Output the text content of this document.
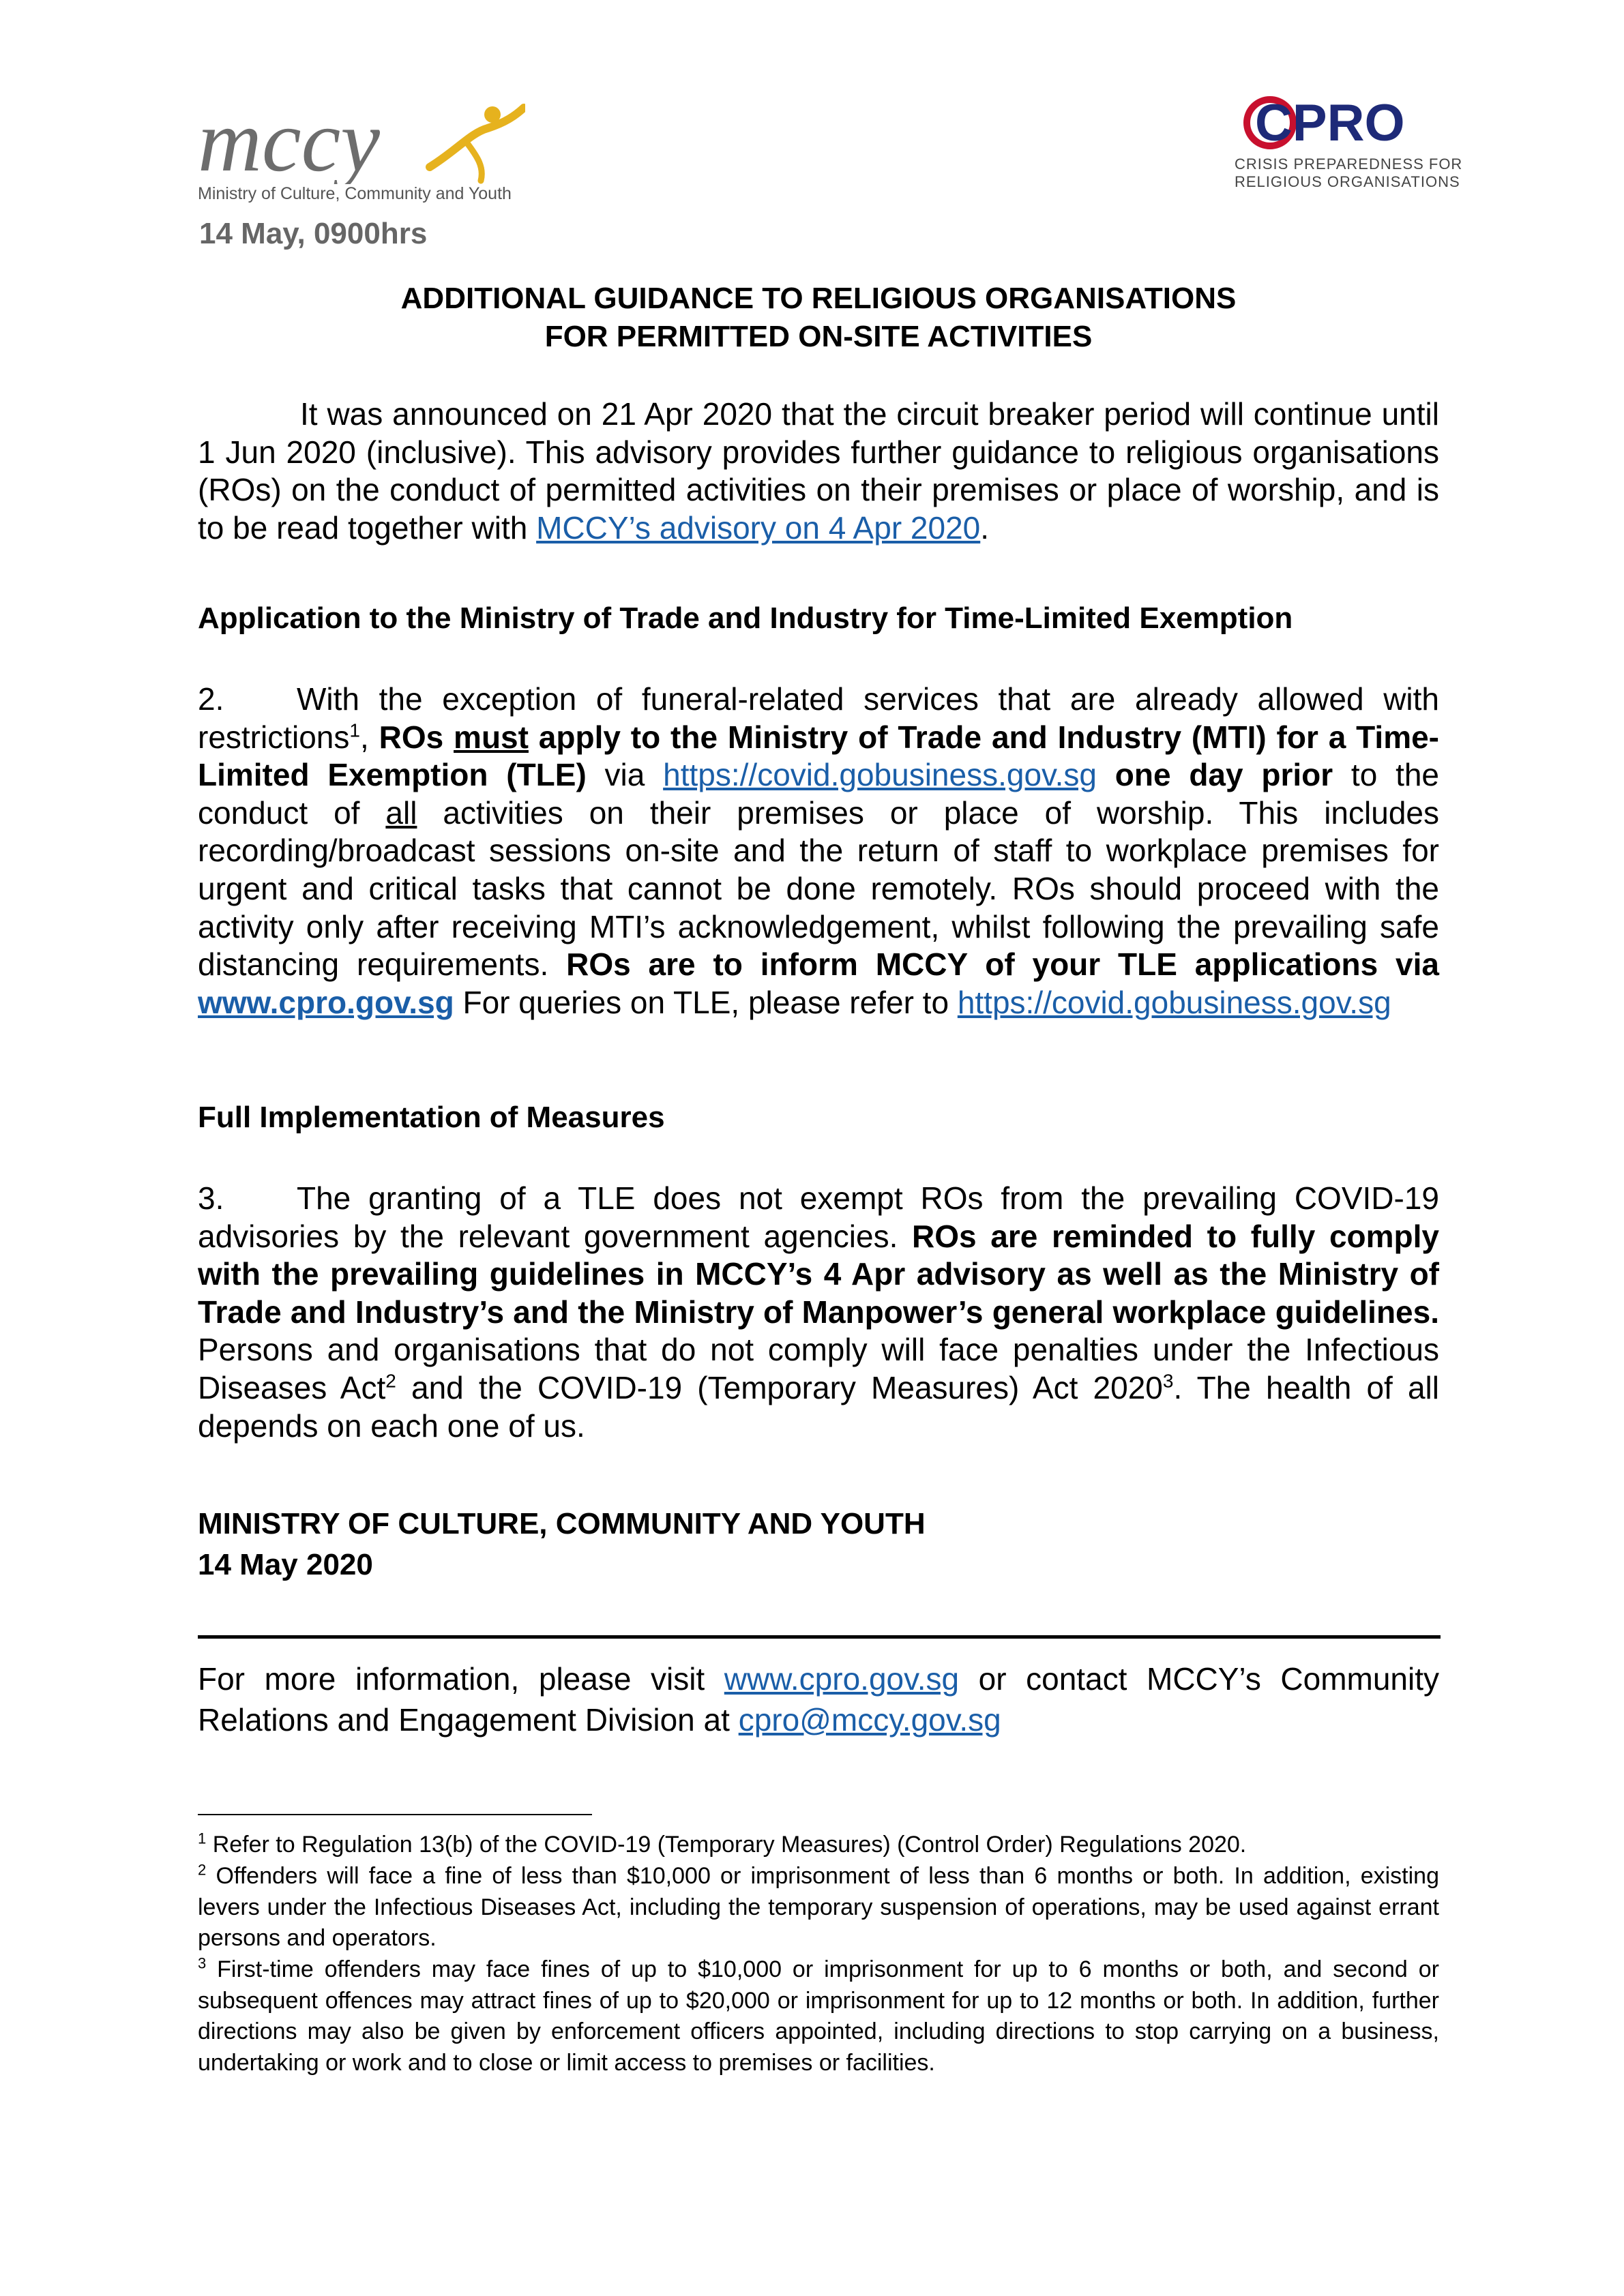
mccy
Ministry of Culture, Community and Youth
CPRO
CRISIS PREPAREDNESS FOR
RELIGIOUS ORGANISATIONS
14 May, 0900hrs
ADDITIONAL GUIDANCE TO RELIGIOUS ORGANISATIONS
FOR PERMITTED ON-SITE ACTIVITIES
It was announced on 21 Apr 2020 that the circuit breaker period will continue until 1 Jun 2020 (inclusive). This advisory provides further guidance to religious organisations (ROs) on the conduct of permitted activities on their premises or place of worship, and is to be read together with MCCY’s advisory on 4 Apr 2020.
Application to the Ministry of Trade and Industry for Time-Limited Exemption
2. With the exception of funeral-related services that are already allowed with restrictions$^1$, ROs must apply to the Ministry of Trade and Industry (MTI) for a Time-Limited Exemption (TLE) via https://covid.gobusiness.gov.sg one day prior to the conduct of all activities on their premises or place of worship. This includes recording/broadcast sessions on-site and the return of staff to workplace premises for urgent and critical tasks that cannot be done remotely. ROs should proceed with the activity only after receiving MTI’s acknowledgement, whilst following the prevailing safe distancing requirements. ROs are to inform MCCY of your TLE applications via www.cpro.gov.sg For queries on TLE, please refer to https://covid.gobusiness.gov.sg
Full Implementation of Measures
3. The granting of a TLE does not exempt ROs from the prevailing COVID-19 advisories by the relevant government agencies. ROs are reminded to fully comply with the prevailing guidelines in MCCY’s 4 Apr advisory as well as the Ministry of Trade and Industry’s and the Ministry of Manpower’s general workplace guidelines. Persons and organisations that do not comply will face penalties under the Infectious Diseases Act$^2$ and the COVID-19 (Temporary Measures) Act 2020$^3$. The health of all depends on each one of us.
MINISTRY OF CULTURE, COMMUNITY AND YOUTH
14 May 2020
For more information, please visit www.cpro.gov.sg or contact MCCY’s Community Relations and Engagement Division at cpro@mccy.gov.sg
$^1$ Refer to Regulation 13(b) of the COVID-19 (Temporary Measures) (Control Order) Regulations 2020.
$^2$ Offenders will face a fine of less than $10,000 or imprisonment of less than 6 months or both. In addition, existing levers under the Infectious Diseases Act, including the temporary suspension of operations, may be used against errant persons and operators.
$^3$ First-time offenders may face fines of up to $10,000 or imprisonment for up to 6 months or both, and second or subsequent offences may attract fines of up to $20,000 or imprisonment for up to 12 months or both. In addition, further directions may also be given by enforcement officers appointed, including directions to stop carrying on a business, undertaking or work and to close or limit access to premises or facilities.
